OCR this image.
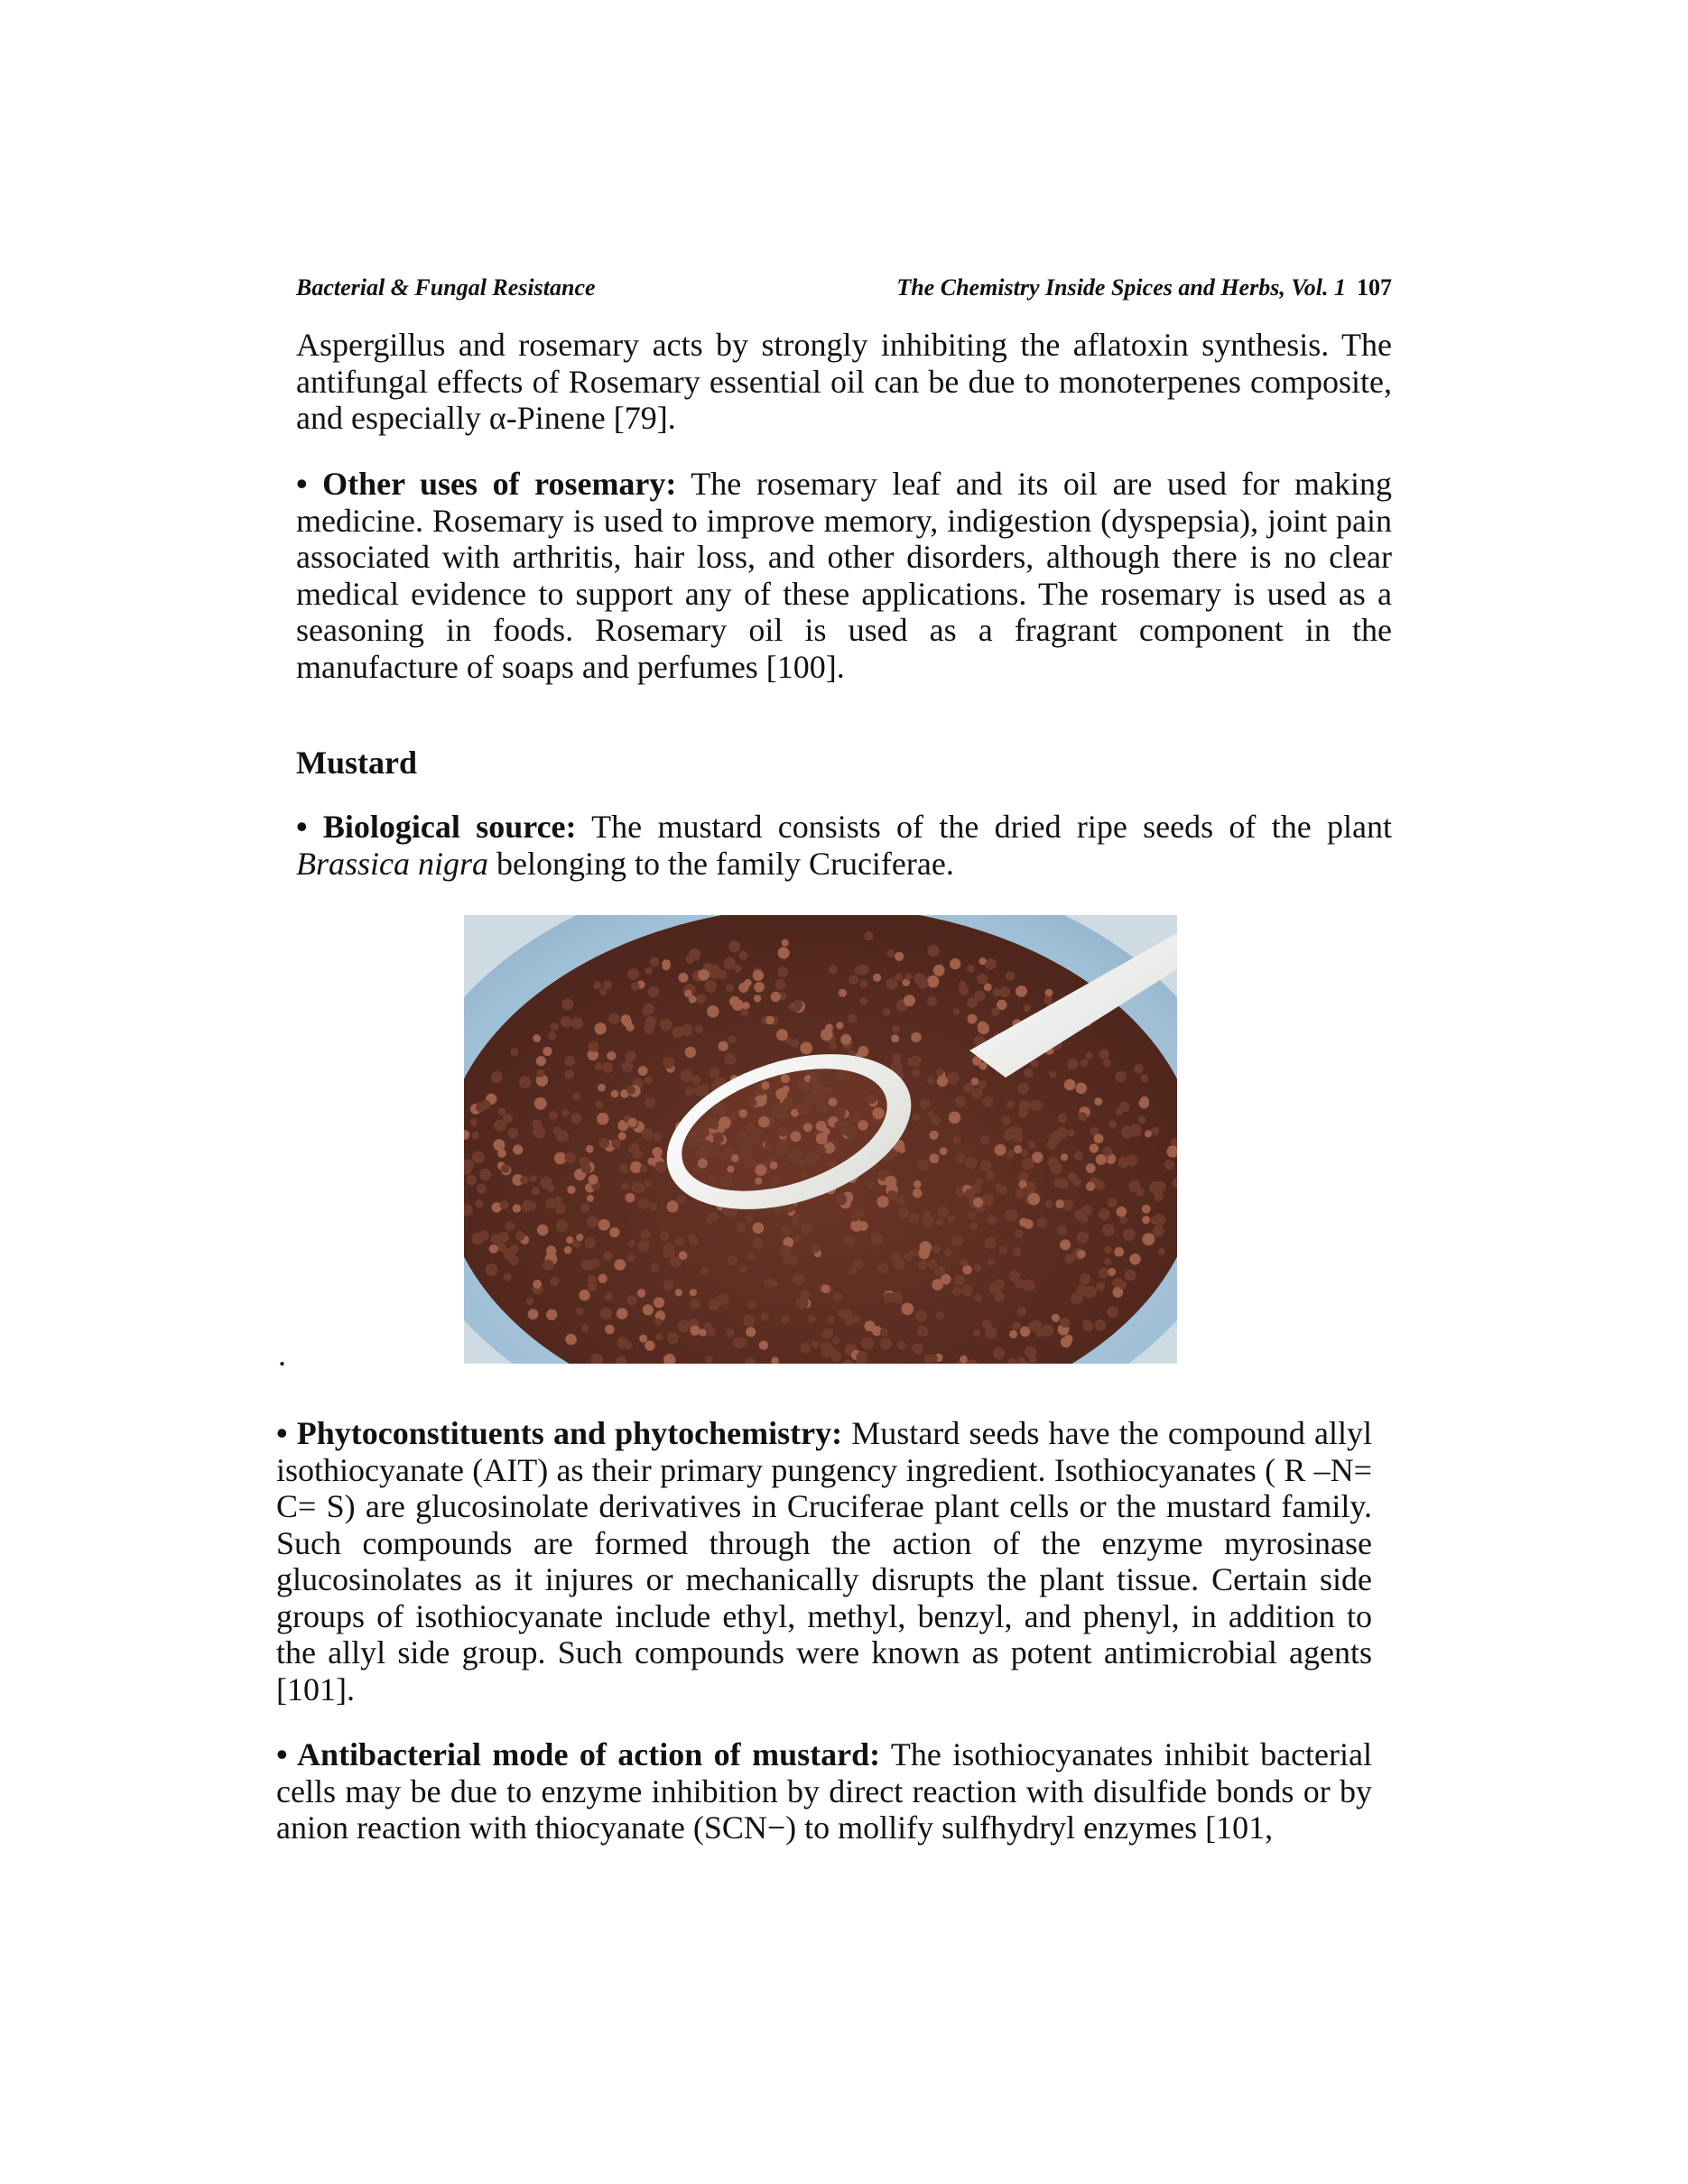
Bacterial & Fungal Resistance	The Chemistry Inside Spices and Herbs, Vol. 1 107

Aspergillus and rosemary acts by strongly inhibiting the aflatoxin synthesis. The antifungal effects of Rosemary essential oil can be due to monoterpenes composite, and especially α-Pinene [79].

• Other uses of rosemary: The rosemary leaf and its oil are used for making medicine. Rosemary is used to improve memory, indigestion (dyspepsia), joint pain associated with arthritis, hair loss, and other disorders, although there is no clear medical evidence to support any of these applications. The rosemary is used as a seasoning in foods. Rosemary oil is used as a fragrant component in the manufacture of soaps and perfumes [100].

Mustard

• Biological source: The mustard consists of the dried ripe seeds of the plant Brassica nigra belonging to the family Cruciferae.

.

• Phytoconstituents and phytochemistry: Mustard seeds have the compound allyl isothiocyanate (AIT) as their primary pungency ingredient. Isothiocyanates ( R –N= C= S) are glucosinolate derivatives in Cruciferae plant cells or the mustard family. Such compounds are formed through the action of the enzyme myrosinase glucosinolates as it injures or mechanically disrupts the plant tissue. Certain side groups of isothiocyanate include ethyl, methyl, benzyl, and phenyl, in addition to the allyl side group. Such compounds were known as potent antimicrobial agents [101].

• Antibacterial mode of action of mustard: The isothiocyanates inhibit bacterial cells may be due to enzyme inhibition by direct reaction with disulfide bonds or by anion reaction with thiocyanate (SCN−) to mollify sulfhydryl enzymes [101,
